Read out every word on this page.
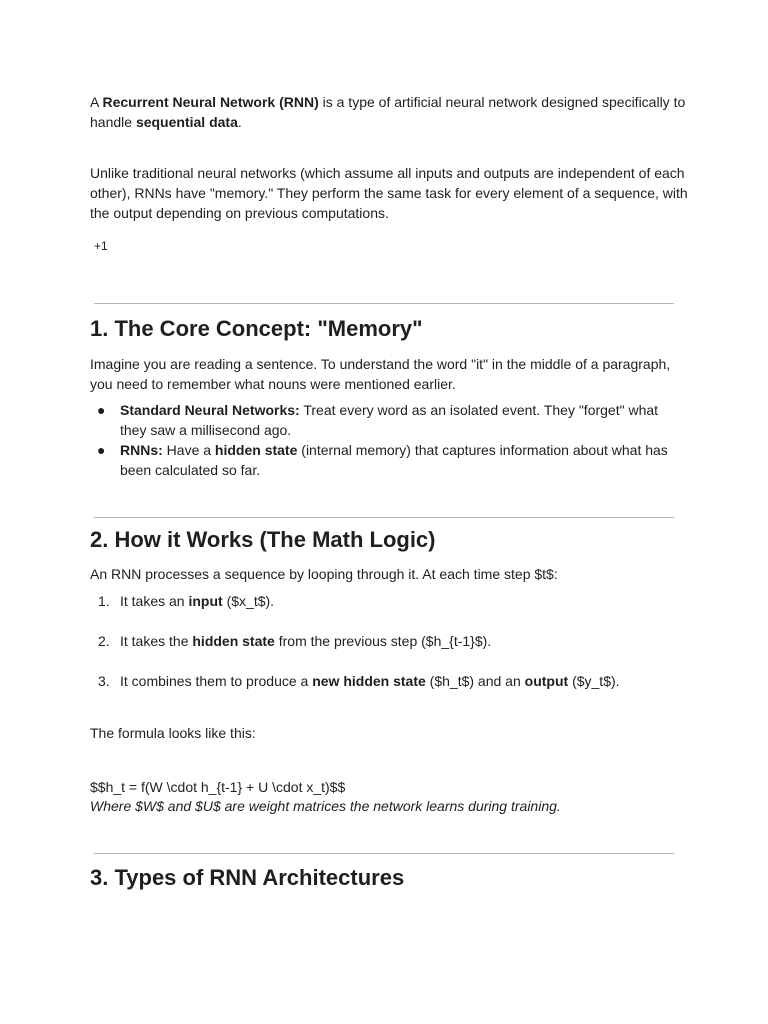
A Recurrent Neural Network (RNN) is a type of artificial neural network designed specifically to handle sequential data.

Unlike traditional neural networks (which assume all inputs and outputs are independent of each other), RNNs have "memory." They perform the same task for every element of a sequence, with the output depending on previous computations.

+1
1. The Core Concept: "Memory"

Imagine you are reading a sentence. To understand the word "it" in the middle of a paragraph, you need to remember what nouns were mentioned earlier.

● Standard Neural Networks: Treat every word as an isolated event. They "forget" what they saw a millisecond ago.
● RNNs: Have a hidden state (internal memory) that captures information about what has been calculated so far.
2. How it Works (The Math Logic)

An RNN processes a sequence by looping through it. At each time step $t$:

1. It takes an input ($x_t$).
2. It takes the hidden state from the previous step ($h_{t-1}$).
3. It combines them to produce a new hidden state ($h_t$) and an output ($y_t$).

The formula looks like this:

$$h_t = f(W \cdot h_{t-1} + U \cdot x_t)$$

Where $W$ and $U$ are weight matrices the network learns during training.

3. Types of RNN Architectures
